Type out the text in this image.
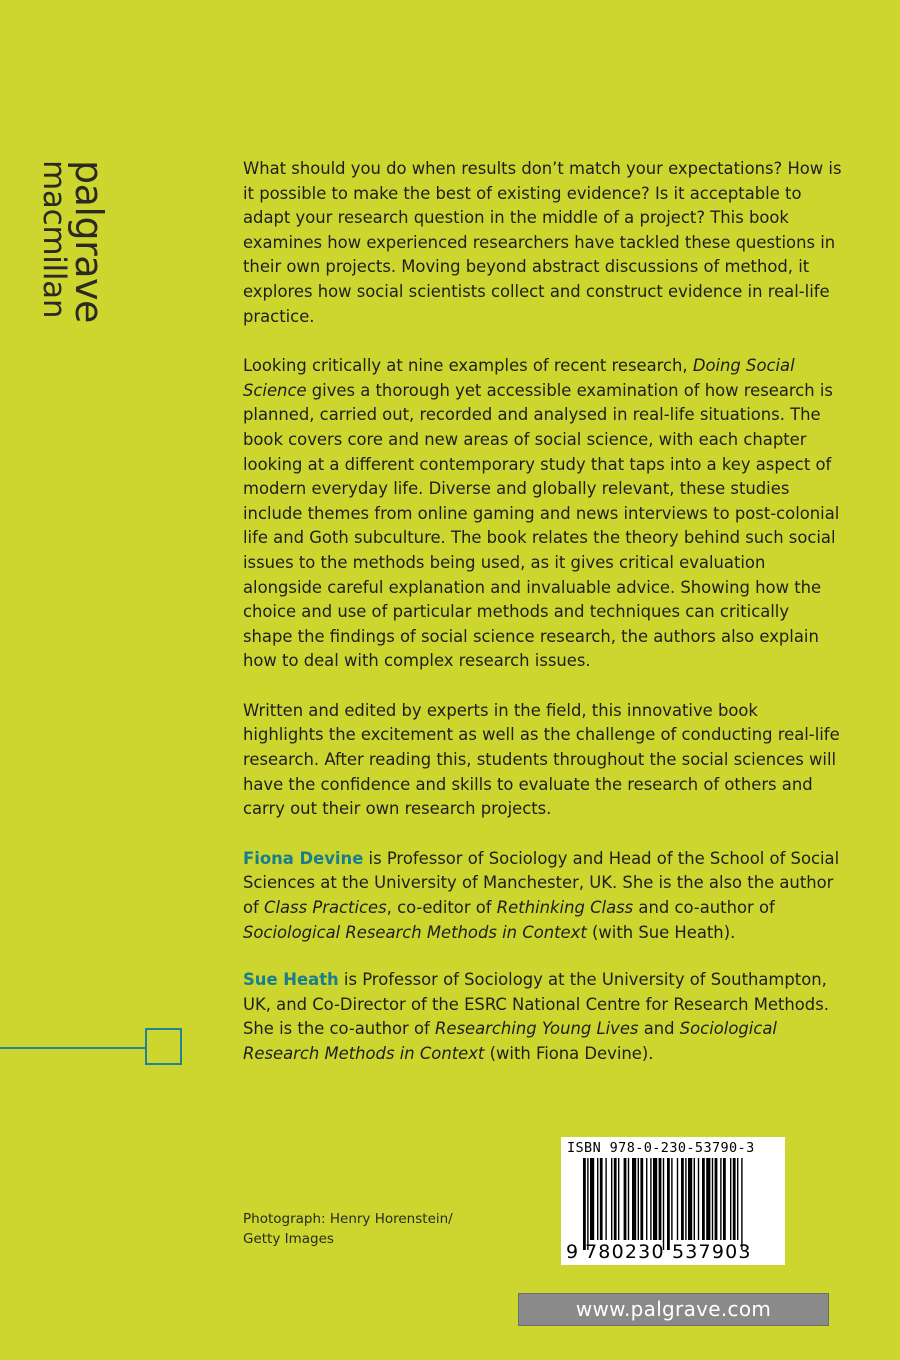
palgrave
macmillan	What should you do when results don’t match your expectations? How is it possible to make the best of existing evidence? Is it acceptable to adapt your research question in the middle of a project? This book examines how experienced researchers have tackled these questions in their own projects. Moving beyond abstract discussions of method, it explores how social scientists collect and construct evidence in real-life practice.

Looking critically at nine examples of recent research, Doing Social Science gives a thorough yet accessible examination of how research is planned, carried out, recorded and analysed in real-life situations. The book covers core and new areas of social science, with each chapter looking at a different contemporary study that taps into a key aspect of modern everyday life. Diverse and globally relevant, these studies include themes from online gaming and news interviews to post-colonial life and Goth subculture. The book relates the theory behind such social issues to the methods being used, as it gives critical evaluation alongside careful explanation and invaluable advice. Showing how the choice and use of particular methods and techniques can critically shape the findings of social science research, the authors also explain how to deal with complex research issues.

Written and edited by experts in the field, this innovative book highlights the excitement as well as the challenge of conducting real-life research. After reading this, students throughout the social sciences will have the confidence and skills to evaluate the research of others and carry out their own research projects.

Fiona Devine is Professor of Sociology and Head of the School of Social Sciences at the University of Manchester, UK. She is the also the author of Class Practices, co-editor of Rethinking Class and co-author of Sociological Research Methods in Context (with Sue Heath).

Sue Heath is Professor of Sociology at the University of Southampton, UK, and Co-Director of the ESRC National Centre for Research Methods. She is the co-author of Researching Young Lives and Sociological Research Methods in Context (with Fiona Devine).

Photograph: Henry Horenstein/
Getty Images
ISBN 978-0-230-53790-3
9 780230 537903
www.palgrave.com
